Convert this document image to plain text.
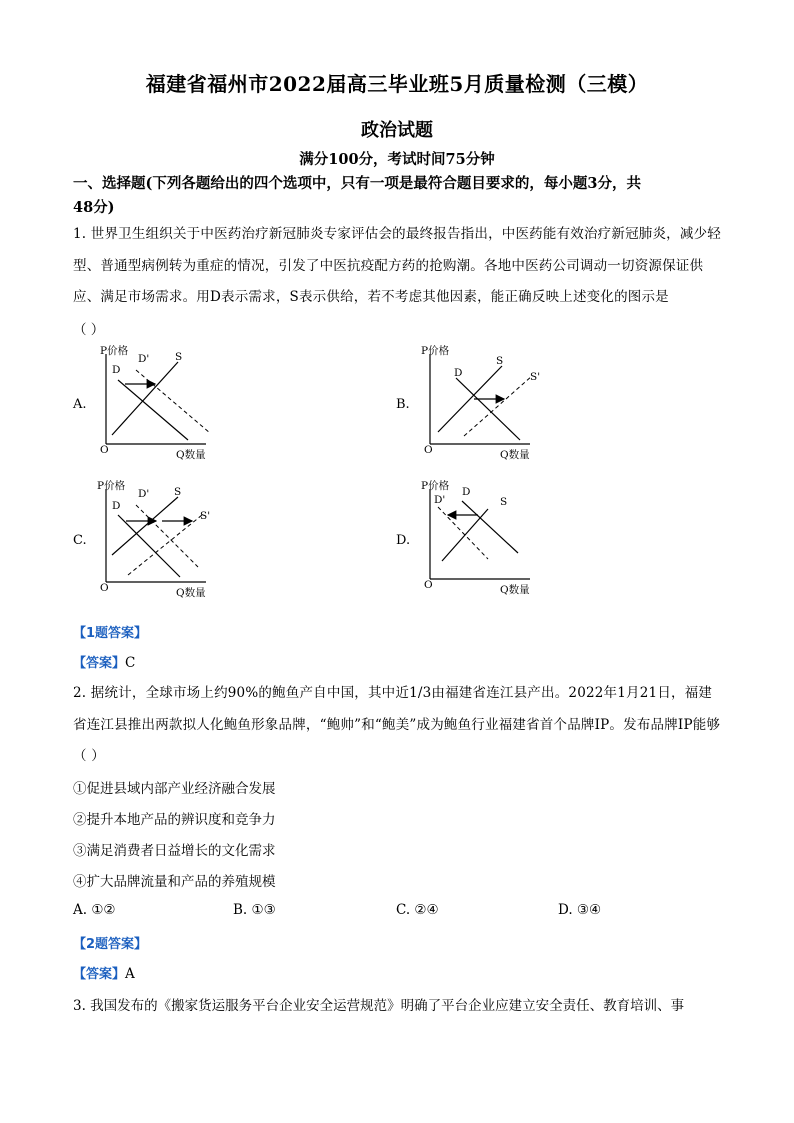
福建省福州市2022届高三毕业班5月质量检测（三模）
政治试题
满分100分，考试时间75分钟
一、选择题(下列各题给出的四个选项中，只有一项是最符合题目要求的，每小题3分，共
48分)
1. 世界卫生组织关于中医药治疗新冠肺炎专家评估会的最终报告指出，中医药能有效治疗新冠肺炎，减少轻型、普通型病例转为重症的情况，引发了中医抗疫配方药的抢购潮。各地中医药公司调动一切资源保证供应、满足市场需求。用D表示需求，S表示供给，若不考虑其他因素，能正确反映上述变化的图示是
（ ）
A.
P价格
Q数量
O
D
D' S
B.
P价格
Q数量
O
D
S
S'
C.
P价格
Q数量
O
D
D' S
S'
D.
P价格
Q数量
O
D
D'	S
【1题答案】
【答案】C
2. 据统计，全球市场上约90%的鲍鱼产自中国，其中近1/3由福建省连江县产出。2022年1月21日，福建省连江县推出两款拟人化鲍鱼形象品牌，“鲍帅”和“鲍美”成为鲍鱼行业福建省首个品牌IP。发布品牌IP能够（ ）
①促进县域内部产业经济融合发展
②提升本地产品的辨识度和竞争力
③满足消费者日益增长的文化需求
④扩大品牌流量和产品的养殖规模
A. ①②	B. ①③	C. ②④	D. ③④
【2题答案】
【答案】A
3. 我国发布的《搬家货运服务平台企业安全运营规范》明确了平台企业应建立安全责任、教育培训、事
